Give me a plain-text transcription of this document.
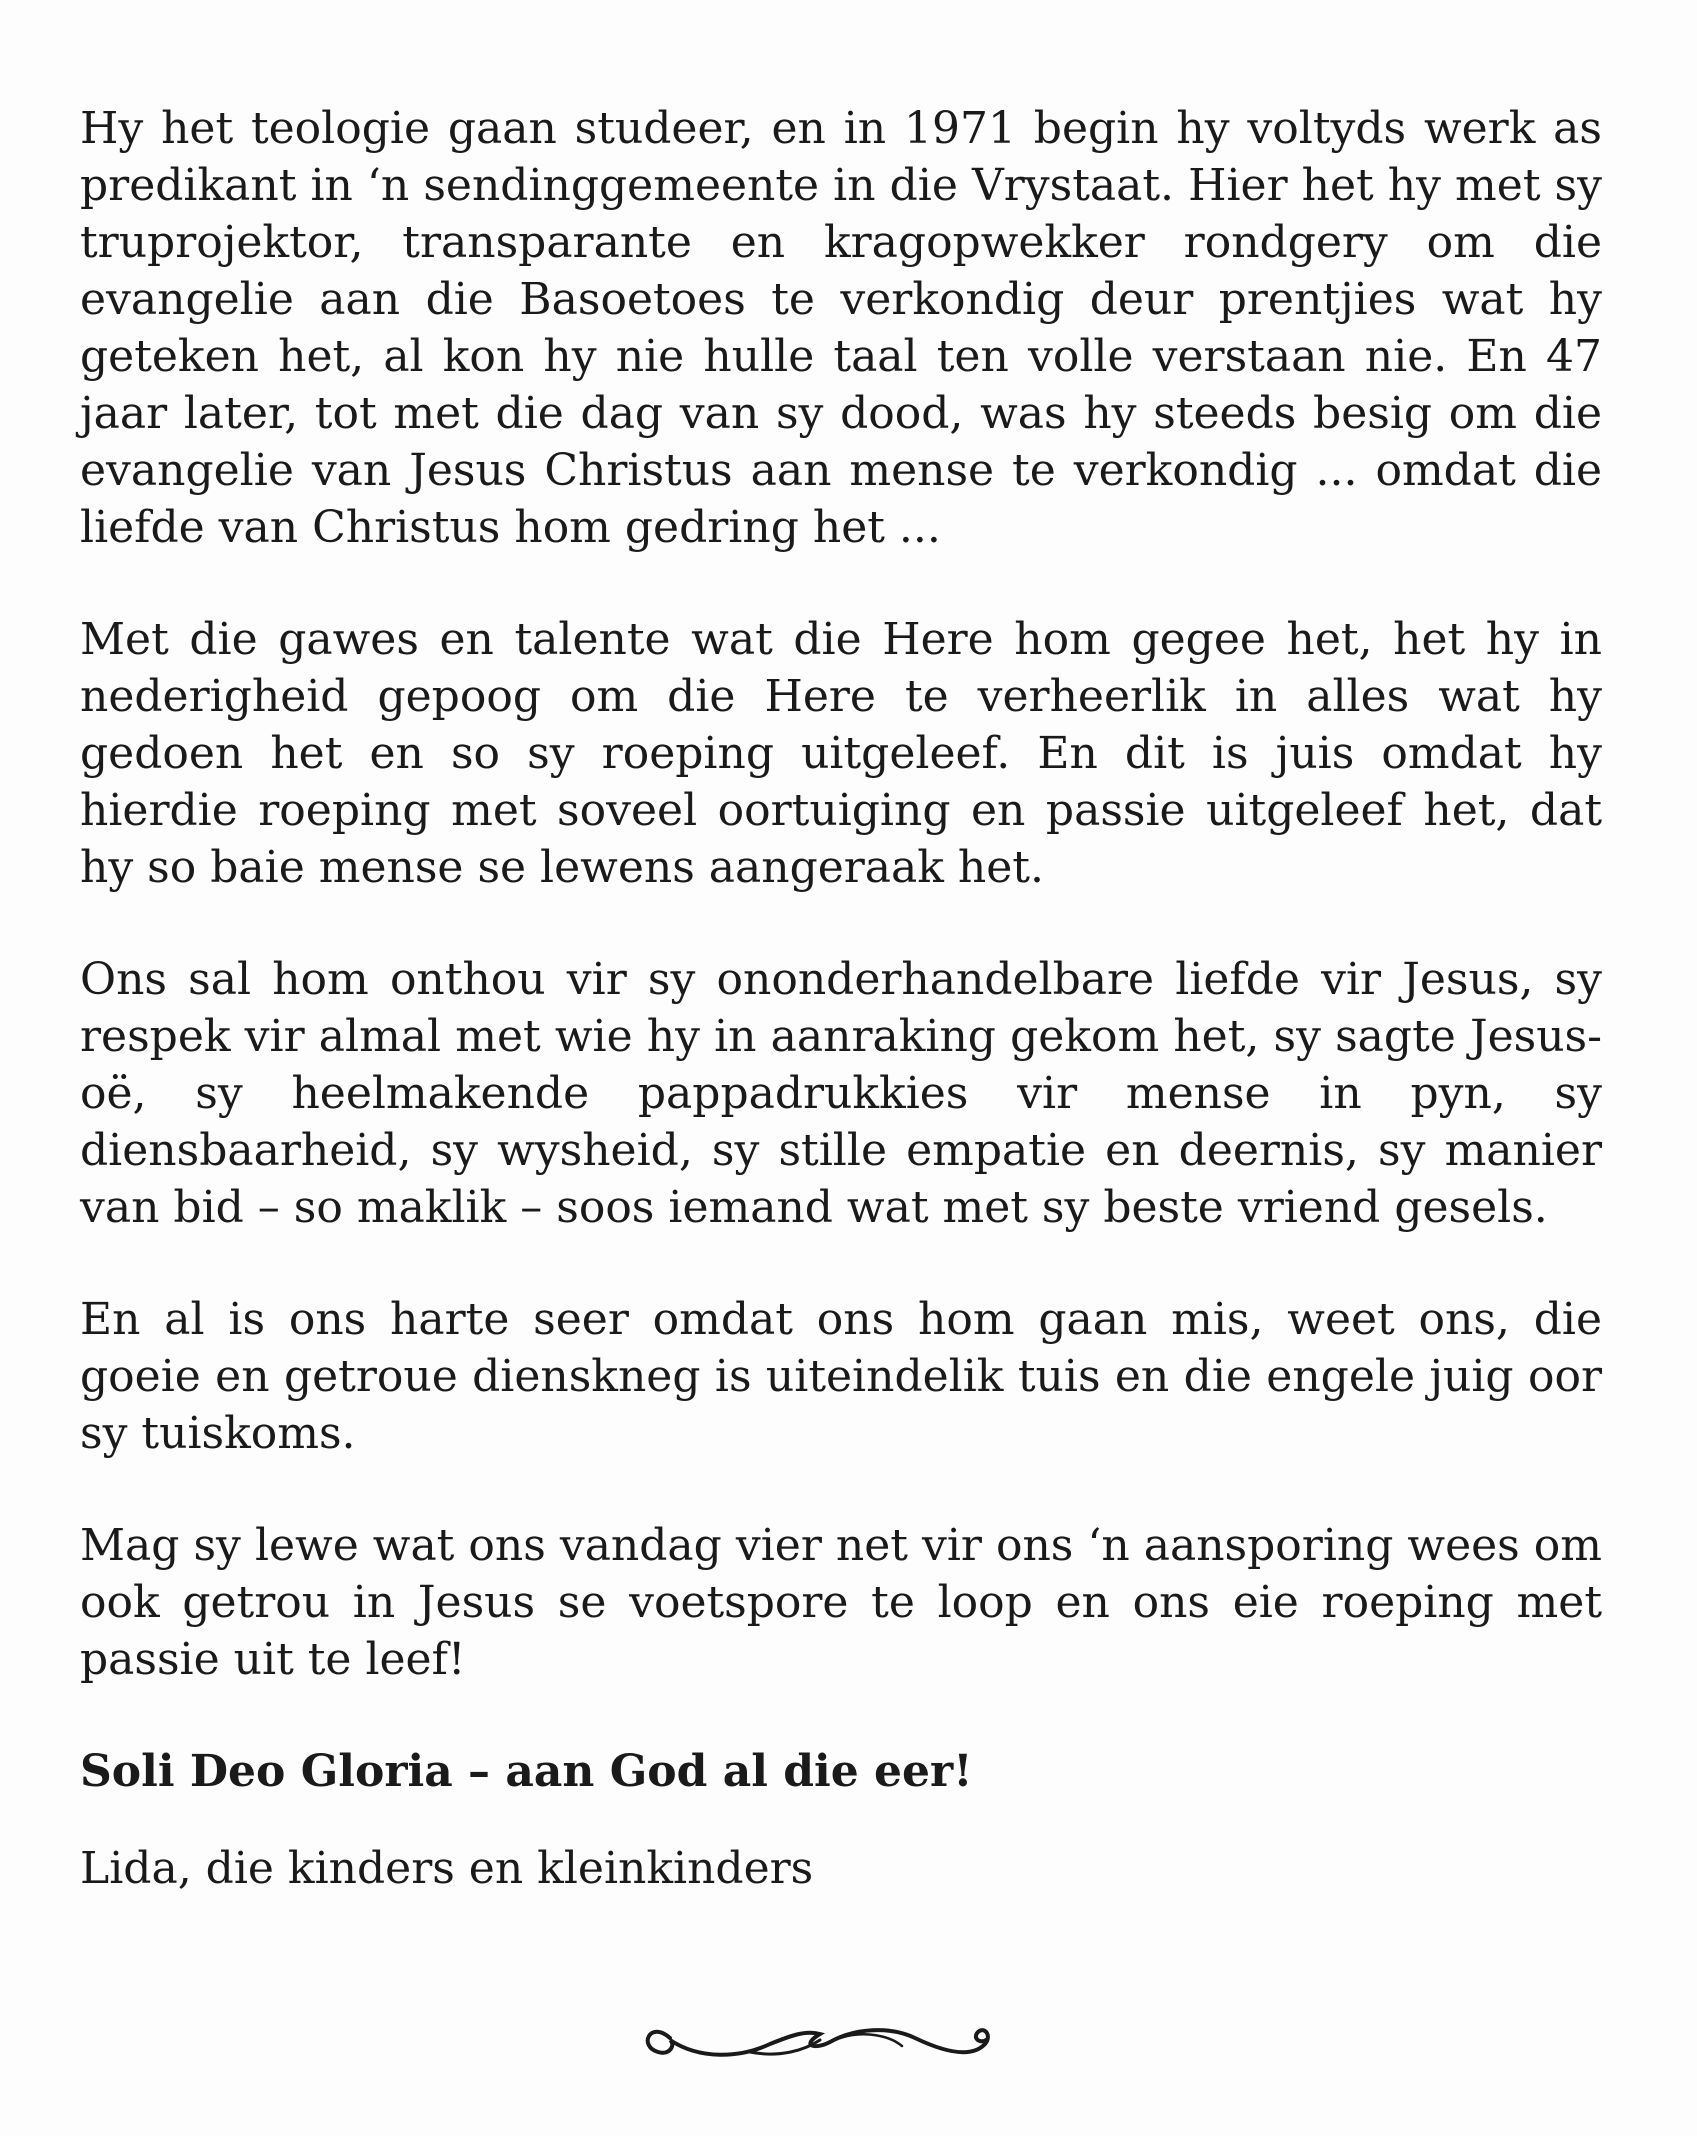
Hy het teologie gaan studeer, en in 1971 begin hy voltyds werk as predikant in ‘n sendinggemeente in die Vrystaat. Hier het hy met sy truprojektor, transparante en kragopwekker rondgery om die evangelie aan die Basoetoes te verkondig deur prentjies wat hy geteken het, al kon hy nie hulle taal ten volle verstaan nie. En 47 jaar later, tot met die dag van sy dood, was hy steeds besig om die evangelie van Jesus Christus aan mense te verkondig ... omdat die liefde van Christus hom gedring het ...

Met die gawes en talente wat die Here hom gegee het, het hy in nederigheid gepoog om die Here te verheerlik in alles wat hy gedoen het en so sy roeping uitgeleef. En dit is juis omdat hy hierdie roeping met soveel oortuiging en passie uitgeleef het, dat hy so baie mense se lewens aangeraak het.

Ons sal hom onthou vir sy ononderhandelbare liefde vir Jesus, sy respek vir almal met wie hy in aanraking gekom het, sy sagte Jesus-oë, sy heelmakende pappadrukkies vir mense in pyn, sy diensbaarheid, sy wysheid, sy stille empatie en deernis, sy manier van bid – so maklik – soos iemand wat met sy beste vriend gesels.

En al is ons harte seer omdat ons hom gaan mis, weet ons, die goeie en getroue dienskneg is uiteindelik tuis en die engele juig oor sy tuiskoms.

Mag sy lewe wat ons vandag vier net vir ons ‘n aansporing wees om ook getrou in Jesus se voetspore te loop en ons eie roeping met passie uit te leef!

Soli Deo Gloria – aan God al die eer!

Lida, die kinders en kleinkinders
